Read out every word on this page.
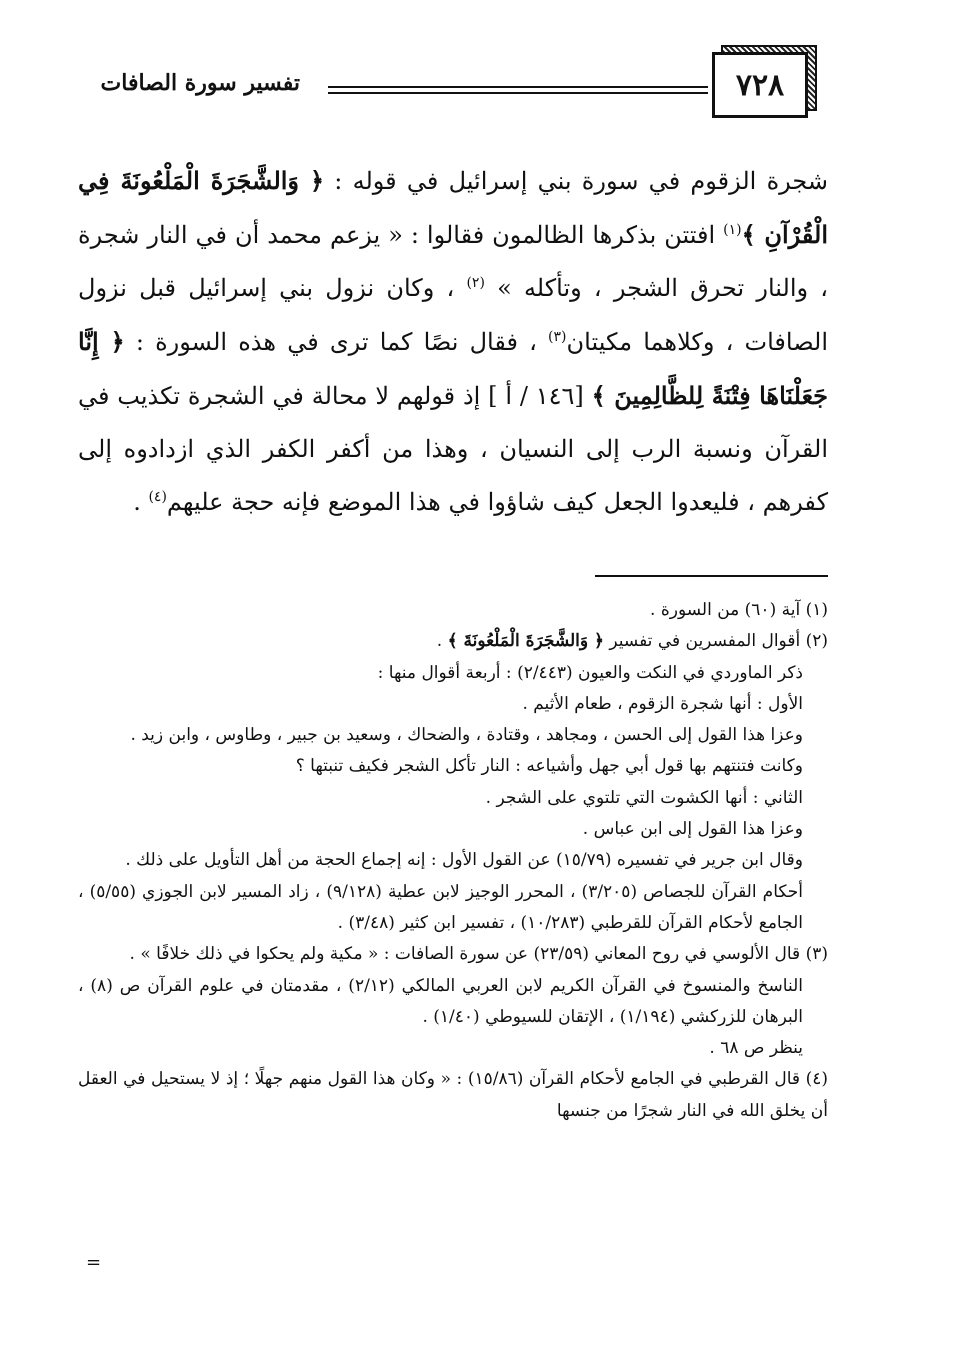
٧٢٨
تفسير سورة الصافات

شجرة الزقوم في سورة بني إسرائيل في قوله : ﴿ وَالشَّجَرَةَ الْمَلْعُونَةَ فِي الْقُرْآنِ ﴾$^{(١)}$ افتتن بذكرها الظالمون فقالوا : « يزعم محمد أن في النار شجرة ، والنار تحرق الشجر ، وتأكله » $^{(٢)}$ ، وكان نزول بني إسرائيل قبل نزول الصافات ، وكلاهما مكيتان$^{(٣)}$ ، فقال نصًا كما ترى في هذه السورة : ﴿ إِنَّا جَعَلْنَاهَا فِتْنَةً لِلظَّالِمِينَ ﴾ [١٤٦ / أ ] إذ قولهم لا محالة في الشجرة تكذيب في القرآن ونسبة الرب إلى النسيان ، وهذا من أكفر الكفر الذي ازدادوه إلى كفرهم ، فليعدوا الجعل كيف شاؤوا في هذا الموضع فإنه حجة عليهم$^{(٤)}$ .

(١) آية (٦٠) من السورة .

(٢) أقوال المفسرين في تفسير ﴿ وَالشَّجَرَةَ الْمَلْعُونَةَ ﴾ .

ذكر الماوردي في النكت والعيون (٢/٤٤٣) : أربعة أقوال منها :

الأول : أنها شجرة الزقوم ، طعام الأثيم .

وعزا هذا القول إلى الحسن ، ومجاهد ، وقتادة ، والضحاك ، وسعيد بن جبير ، وطاوس ، وابن زيد .

وكانت فتنتهم بها قول أبي جهل وأشياعه : النار تأكل الشجر فكيف تنبتها ؟

الثاني : أنها الكشوت التي تلتوي على الشجر .

وعزا هذا القول إلى ابن عباس .

وقال ابن جرير في تفسيره (١٥/٧٩) عن القول الأول : إنه إجماع الحجة من أهل التأويل على ذلك .

أحكام القرآن للجصاص (٣/٢٠٥) ، المحرر الوجيز لابن عطية (٩/١٢٨) ، زاد المسير لابن الجوزي (٥/٥٥) ، الجامع لأحكام القرآن للقرطبي (١٠/٢٨٣) ، تفسير ابن كثير (٣/٤٨) .

(٣) قال الألوسي في روح المعاني (٢٣/٥٩) عن سورة الصافات : « مكية ولم يحكوا في ذلك خلافًا » .

الناسخ والمنسوخ في القرآن الكريم لابن العربي المالكي (٢/١٢) ، مقدمتان في علوم القرآن ص (٨) ، البرهان للزركشي (١/١٩٤) ، الإتقان للسيوطي (١/٤٠) .

ينظر ص ٦٨ .

(٤) قال القرطبي في الجامع لأحكام القرآن (١٥/٨٦) : « وكان هذا القول منهم جهلًا ؛ إذ لا يستحيل في العقل أن يخلق الله في النار شجرًا من جنسها

=
